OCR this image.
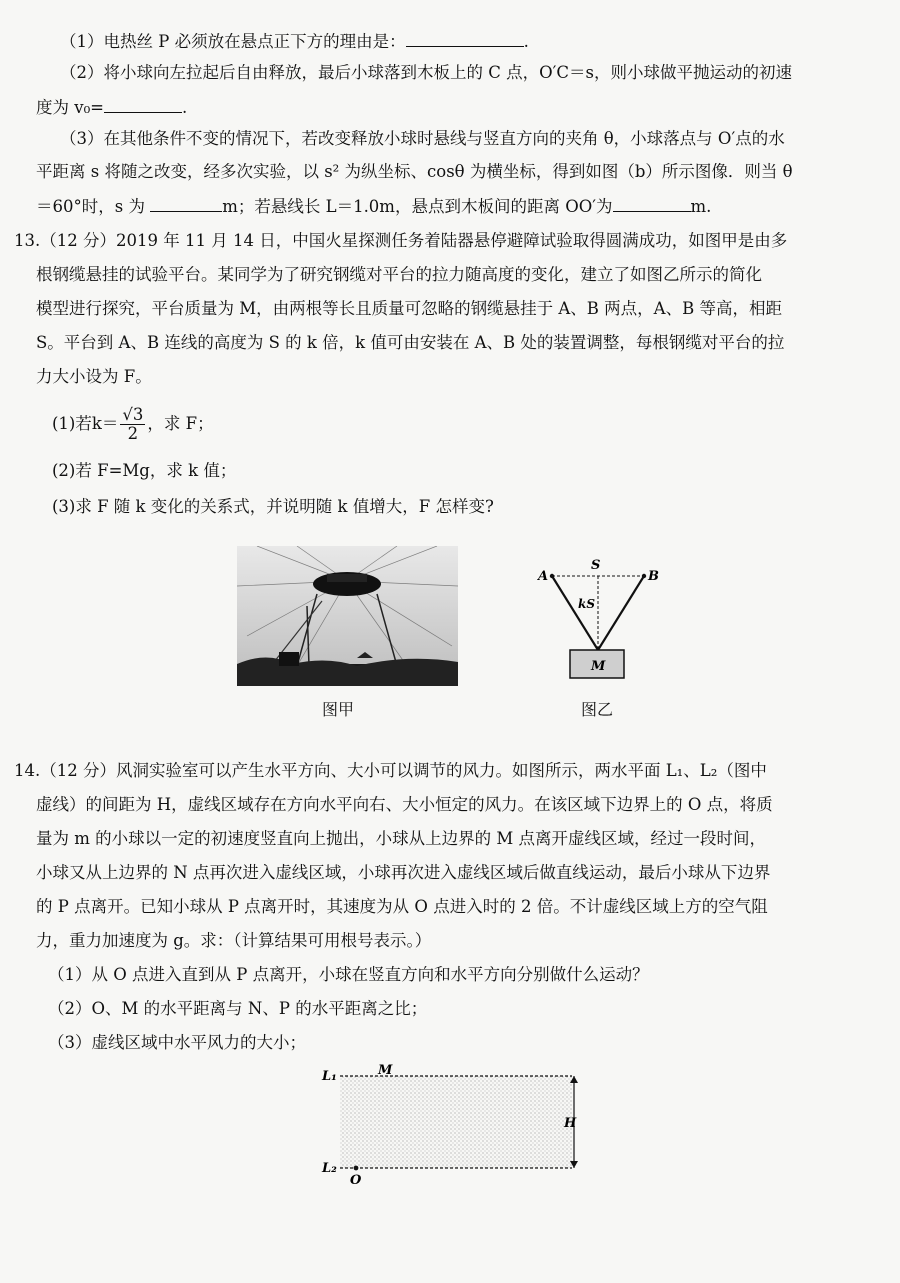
（1）电热丝 P 必须放在悬点正下方的理由是：	.
（2）将小球向左拉起后自由释放，最后小球落到木板上的 C 点，O′C＝s，则小球做平抛运动的初速
度为 v₀=	.
（3）在其他条件不变的情况下，若改变释放小球时悬线与竖直方向的夹角 θ，小球落点与 O′点的水
平距离 s 将随之改变，经多次实验，以 s² 为纵坐标、cosθ 为横坐标，得到如图（b）所示图像．则当 θ
＝60°时，s 为	m；若悬线长 L＝1.0m，悬点到木板间的距离 OO′为	m.
13.（12 分）2019 年 11 月 14 日，中国火星探测任务着陆器悬停避障试验取得圆满成功，如图甲是由多
根钢缆悬挂的试验平台。某同学为了研究钢缆对平台的拉力随高度的变化，建立了如图乙所示的简化
模型进行探究，平台质量为 M，由两根等长且质量可忽略的钢缆悬挂于 A、B 两点，A、B 等高，相距
S。平台到 A、B 连线的高度为 S 的 k 倍，k 值可由安装在 A、B 处的装置调整，每根钢缆对平台的拉
力大小设为 F。
(1)若$k= \frac{√3}{2}$ ，求 F；
(2)若 F=Mg，求 k 值；
(3)求 F 随 k 变化的关系式，并说明随 k 值增大，F 怎样变?
图甲
A	B
S
kS
M
图乙
14.（12 分）风洞实验室可以产生水平方向、大小可以调节的风力。如图所示，两水平面 L₁、L₂（图中
虚线）的间距为 H，虚线区域存在方向水平向右、大小恒定的风力。在该区域下边界上的 O 点，将质
量为 m 的小球以一定的初速度竖直向上抛出，小球从上边界的 M 点离开虚线区域，经过一段时间，
小球又从上边界的 N 点再次进入虚线区域，小球再次进入虚线区域后做直线运动，最后小球从下边界
的 P 点离开。已知小球从 P 点离开时，其速度为从 O 点进入时的 2 倍。不计虚线区域上方的空气阻
力，重力加速度为 g。求：（计算结果可用根号表示。）
（1）从 O 点进入直到从 P 点离开，小球在竖直方向和水平方向分别做什么运动？
（2）O、M 的水平距离与 N、P 的水平距离之比；
（3）虚线区域中水平风力的大小；
L₁
L₂
M
O
H
